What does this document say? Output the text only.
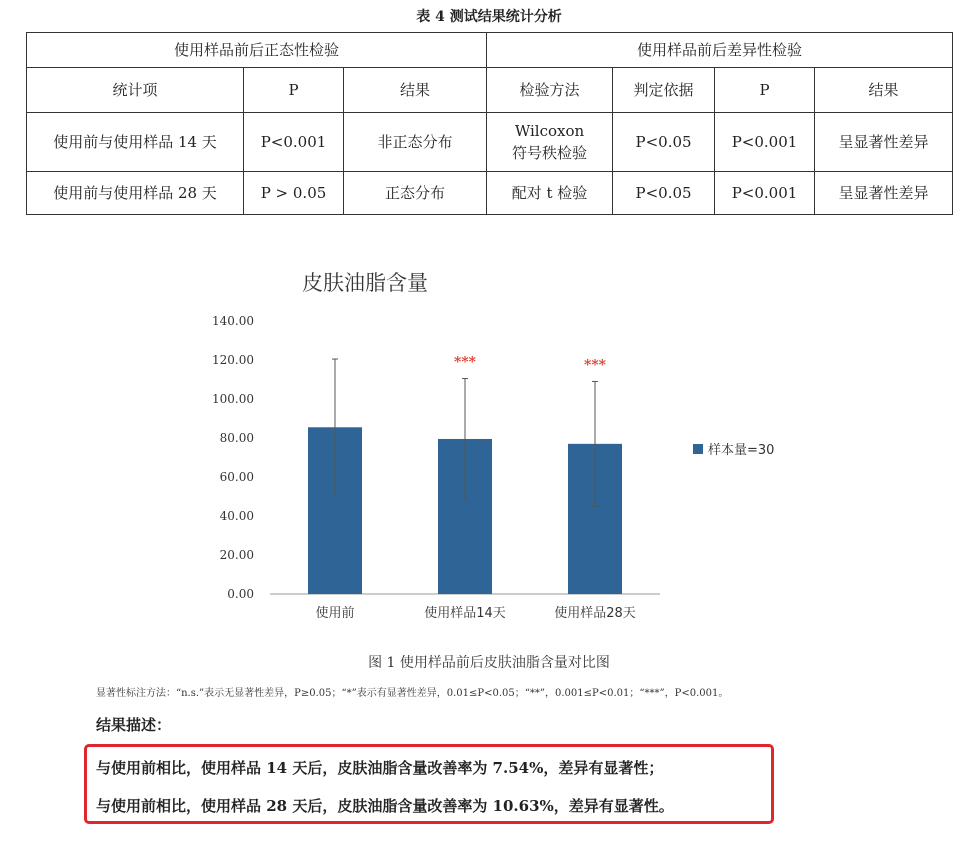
表 4 测试结果统计分析
使用样品前后正态性检验			使用样品前后差异性检验			
统计项	P	结果	检验方法	判定依据	P	结果
使用前与使用样品 14 天	P<0.001	非正态分布	Wilcoxon 符号秩检验	P<0.05	P<0.001	呈显著性差异
使用前与使用样品 28 天	P > 0.05	正态分布	配对 t 检验	P<0.05	P<0.001	呈显著性差异
皮肤油脂含量
0.00
20.00
40.00
60.00
80.00
100.00
120.00
140.00
使用前	使用样品14天
***
使用样品28天
***
样本量=30
图 1 使用样品前后皮肤油脂含量对比图
显著性标注方法：“n.s.”表示无显著性差异，P≥0.05；“*”表示有显著性差异，0.01≤P<0.05；“**”，0.001≤P<0.01；“***”，P<0.001。
结果描述：
与使用前相比，使用样品 14 天后，皮肤油脂含量改善率为 7.54%，差异有显著性；
与使用前相比，使用样品 28 天后，皮肤油脂含量改善率为 10.63%，差异有显著性。
